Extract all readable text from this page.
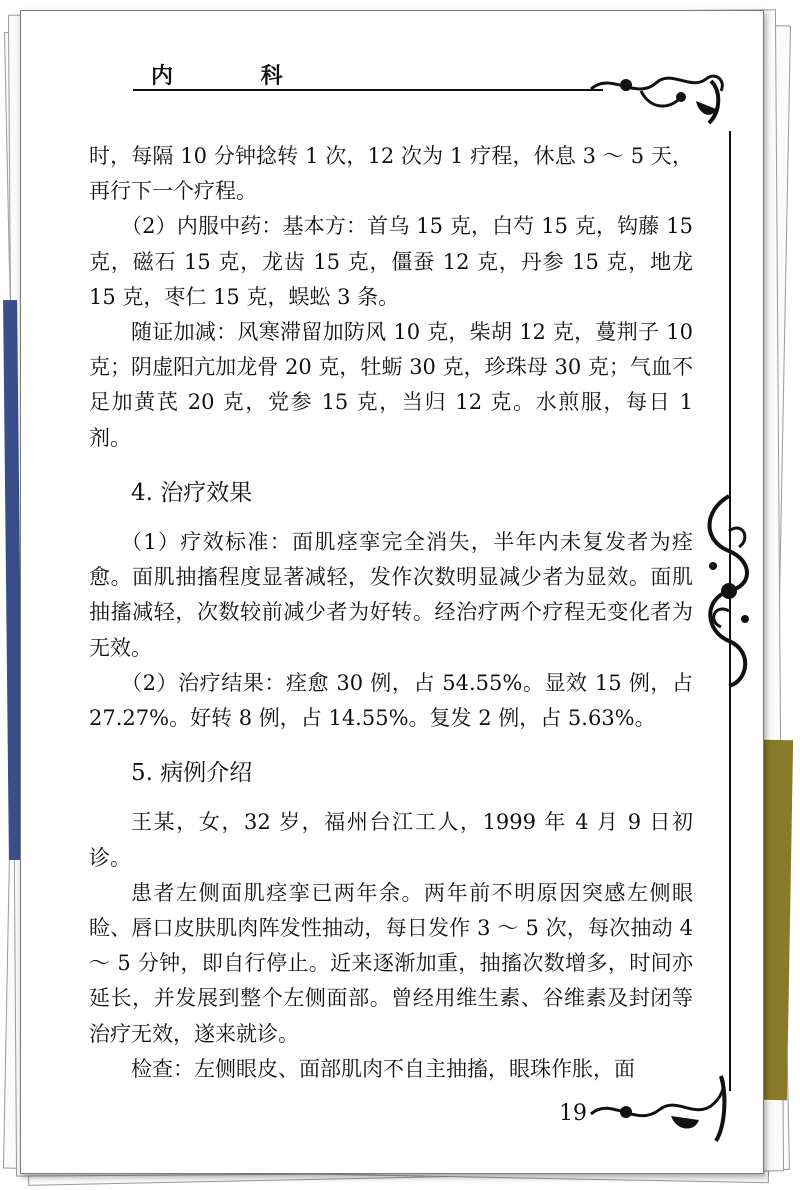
内 科

时，每隔 10 分钟捻转 1 次，12 次为 1 疗程，休息 3 ～ 5 天，再行下一个疗程。

（2）内服中药：基本方：首乌 15 克，白芍 15 克，钩藤 15 克，磁石 15 克，龙齿 15 克，僵蚕 12 克，丹参 15 克，地龙 15 克，枣仁 15 克，蜈蚣 3 条。

随证加减：风寒滞留加防风 10 克，柴胡 12 克，蔓荆子 10 克；阴虚阳亢加龙骨 20 克，牡蛎 30 克，珍珠母 30 克；气血不足加黄芪 20 克，党参 15 克，当归 12 克。水煎服，每日 1 剂。

4. 治疗效果

（1）疗效标准：面肌痉挛完全消失，半年内未复发者为痊愈。面肌抽搐程度显著减轻，发作次数明显减少者为显效。面肌抽搐减轻，次数较前减少者为好转。经治疗两个疗程无变化者为无效。

（2）治疗结果：痊愈 30 例，占 54.55%。显效 15 例，占 27.27%。好转 8 例，占 14.55%。复发 2 例，占 5.63%。

5. 病例介绍

王某，女，32 岁，福州台江工人，1999 年 4 月 9 日初诊。

患者左侧面肌痉挛已两年余。两年前不明原因突感左侧眼睑、唇口皮肤肌肉阵发性抽动，每日发作 3 ～ 5 次，每次抽动 4 ～ 5 分钟，即自行停止。近来逐渐加重，抽搐次数增多，时间亦延长，并发展到整个左侧面部。曾经用维生素、谷维素及封闭等治疗无效，遂来就诊。

检查：左侧眼皮、面部肌肉不自主抽搐，眼珠作胀，面

19
